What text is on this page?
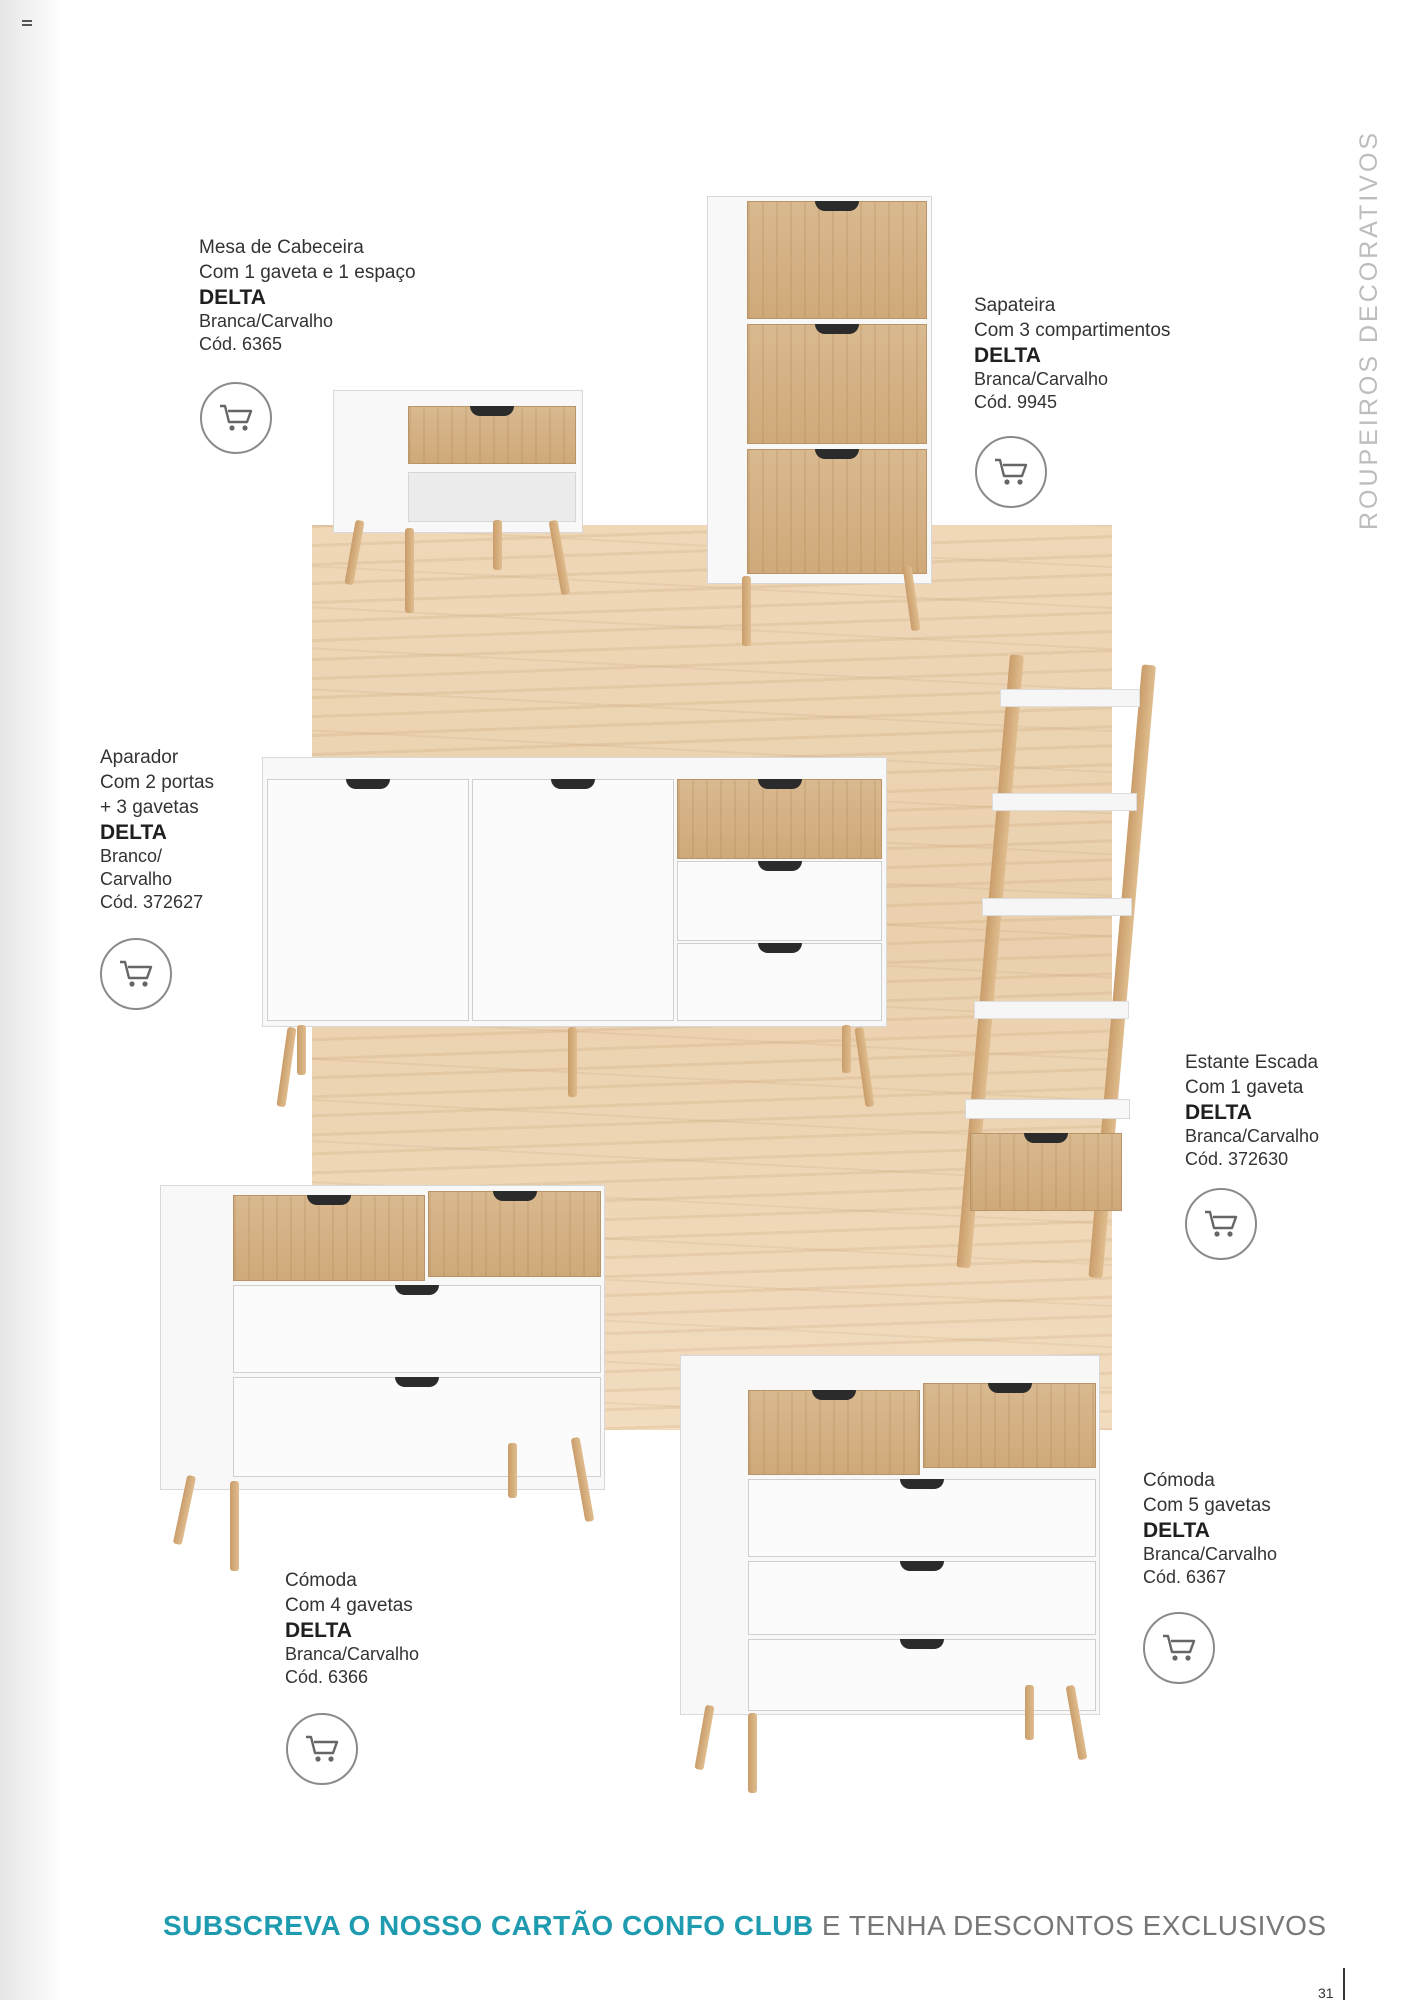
ROUPEIROS DECORATIVOS
Mesa de Cabeceira
Com 1 gaveta e 1 espaço
DELTA
Branca/Carvalho
Cód. 6365
Sapateira
Com 3 compartimentos
DELTA
Branca/Carvalho
Cód. 9945
Aparador
Com 2 portas
+ 3 gavetas
DELTA
Branco/
Carvalho
Cód. 372627
Estante Escada
Com 1 gaveta
DELTA
Branca/Carvalho
Cód. 372630
Cómoda
Com 4 gavetas
DELTA
Branca/Carvalho
Cód. 6366
Cómoda
Com 5 gavetas
DELTA
Branca/Carvalho
Cód. 6367
SUBSCREVA O NOSSO CARTÃO CONFO CLUB E TENHA DESCONTOS EXCLUSIVOS
31
